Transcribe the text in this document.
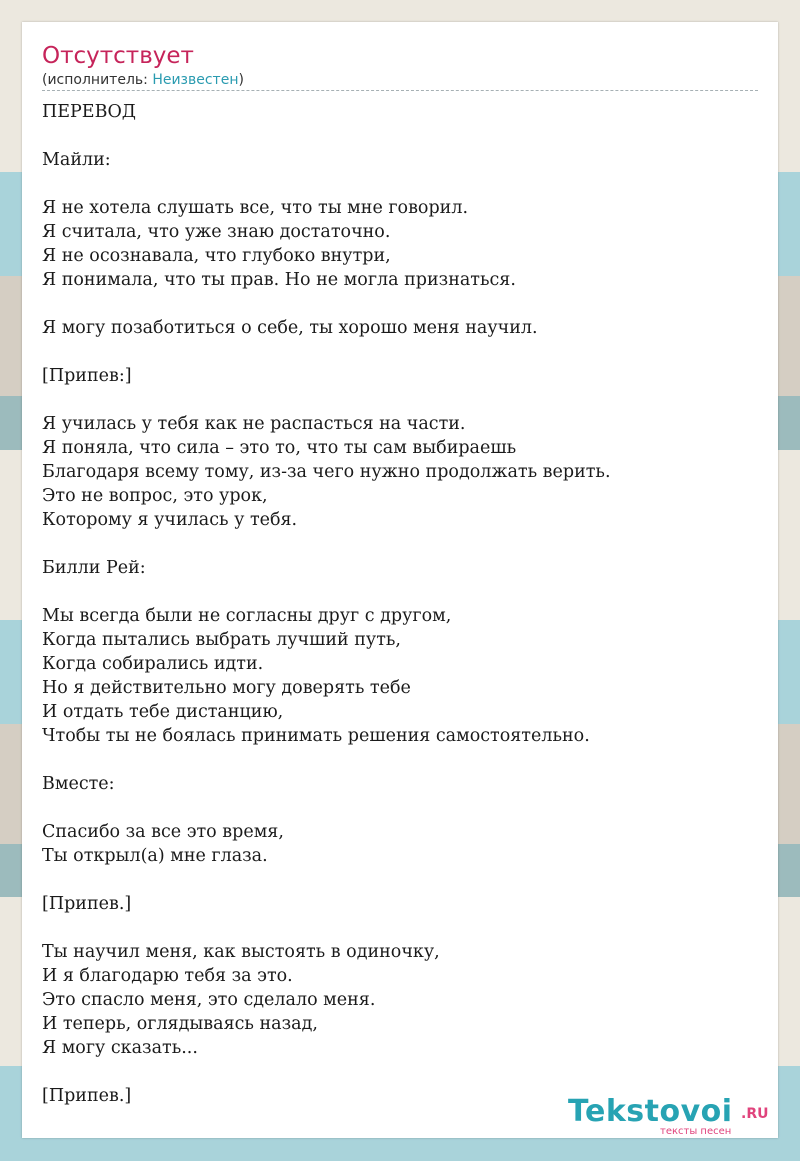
Отсутствует
(исполнитель: Неизвестен)
ПЕРЕВОД

Майли:

Я не хотела слушать все, что ты мне говорил.
Я считала, что уже знаю достаточно.
Я не осознавала, что глубоко внутри,
Я понимала, что ты прав. Но не могла признаться.

Я могу позаботиться о себе, ты хорошо меня научил.

[Припев:]

Я училась у тебя как не распасться на части.
Я поняла, что сила – это то, что ты сам выбираешь
Благодаря всему тому, из-за чего нужно продолжать верить.
Это не вопрос, это урок,
Которому я училась у тебя.

Билли Рей:

Мы всегда были не согласны друг с другом,
Когда пытались выбрать лучший путь,
Когда собирались идти.
Но я действительно могу доверять тебе
И отдать тебе дистанцию,
Чтобы ты не боялась принимать решения самостоятельно.

Вместе:

Спасибо за все это время,
Ты открыл(а) мне глаза.

[Припев.]

Ты научил меня, как выстоять в одиночку,
И я благодарю тебя за это.
Это спасло меня, это сделало меня.
И теперь, оглядываясь назад,
Я могу сказать...

[Припев.]	Tekstovoi .RU
тексты песен
